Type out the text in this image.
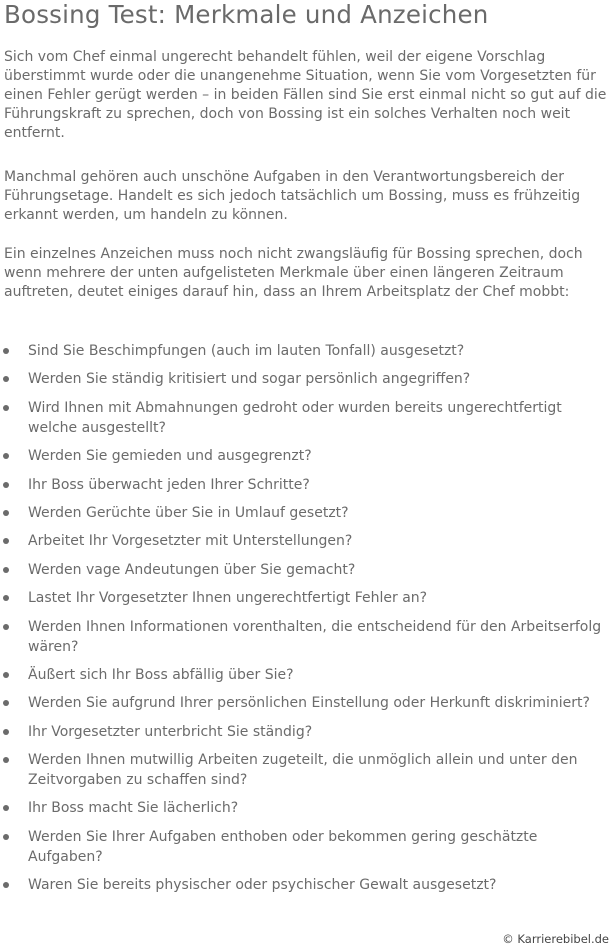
Bossing Test: Merkmale und Anzeichen

Sich vom Chef einmal ungerecht behandelt fühlen, weil der eigene Vorschlag überstimmt wurde oder die unangenehme Situation, wenn Sie vom Vorgesetzten für einen Fehler gerügt werden – in beiden Fällen sind Sie erst einmal nicht so gut auf die Führungskraft zu sprechen, doch von Bossing ist ein solches Verhalten noch weit entfernt.

Manchmal gehören auch unschöne Aufgaben in den Verantwortungsbereich der Führungsetage. Handelt es sich jedoch tatsächlich um Bossing, muss es frühzeitig erkannt werden, um handeln zu können.

Ein einzelnes Anzeichen muss noch nicht zwangsläufig für Bossing sprechen, doch wenn mehrere der unten aufgelisteten Merkmale über einen längeren Zeitraum auftreten, deutet einiges darauf hin, dass an Ihrem Arbeitsplatz der Chef mobbt:

Sind Sie Beschimpfungen (auch im lauten Tonfall) ausgesetzt?
Werden Sie ständig kritisiert und sogar persönlich angegriffen?
Wird Ihnen mit Abmahnungen gedroht oder wurden bereits ungerechtfertigt welche ausgestellt?
Werden Sie gemieden und ausgegrenzt?
Ihr Boss überwacht jeden Ihrer Schritte?
Werden Gerüchte über Sie in Umlauf gesetzt?
Arbeitet Ihr Vorgesetzter mit Unterstellungen?
Werden vage Andeutungen über Sie gemacht?
Lastet Ihr Vorgesetzter Ihnen ungerechtfertigt Fehler an?
Werden Ihnen Informationen vorenthalten, die entscheidend für den Arbeitserfolg wären?
Äußert sich Ihr Boss abfällig über Sie?
Werden Sie aufgrund Ihrer persönlichen Einstellung oder Herkunft diskriminiert?
Ihr Vorgesetzter unterbricht Sie ständig?
Werden Ihnen mutwillig Arbeiten zugeteilt, die unmöglich allein und unter den Zeitvorgaben zu schaffen sind?
Ihr Boss macht Sie lächerlich?
Werden Sie Ihrer Aufgaben enthoben oder bekommen gering geschätzte Aufgaben?
Waren Sie bereits physischer oder psychischer Gewalt ausgesetzt?
© Karrierebibel.de
